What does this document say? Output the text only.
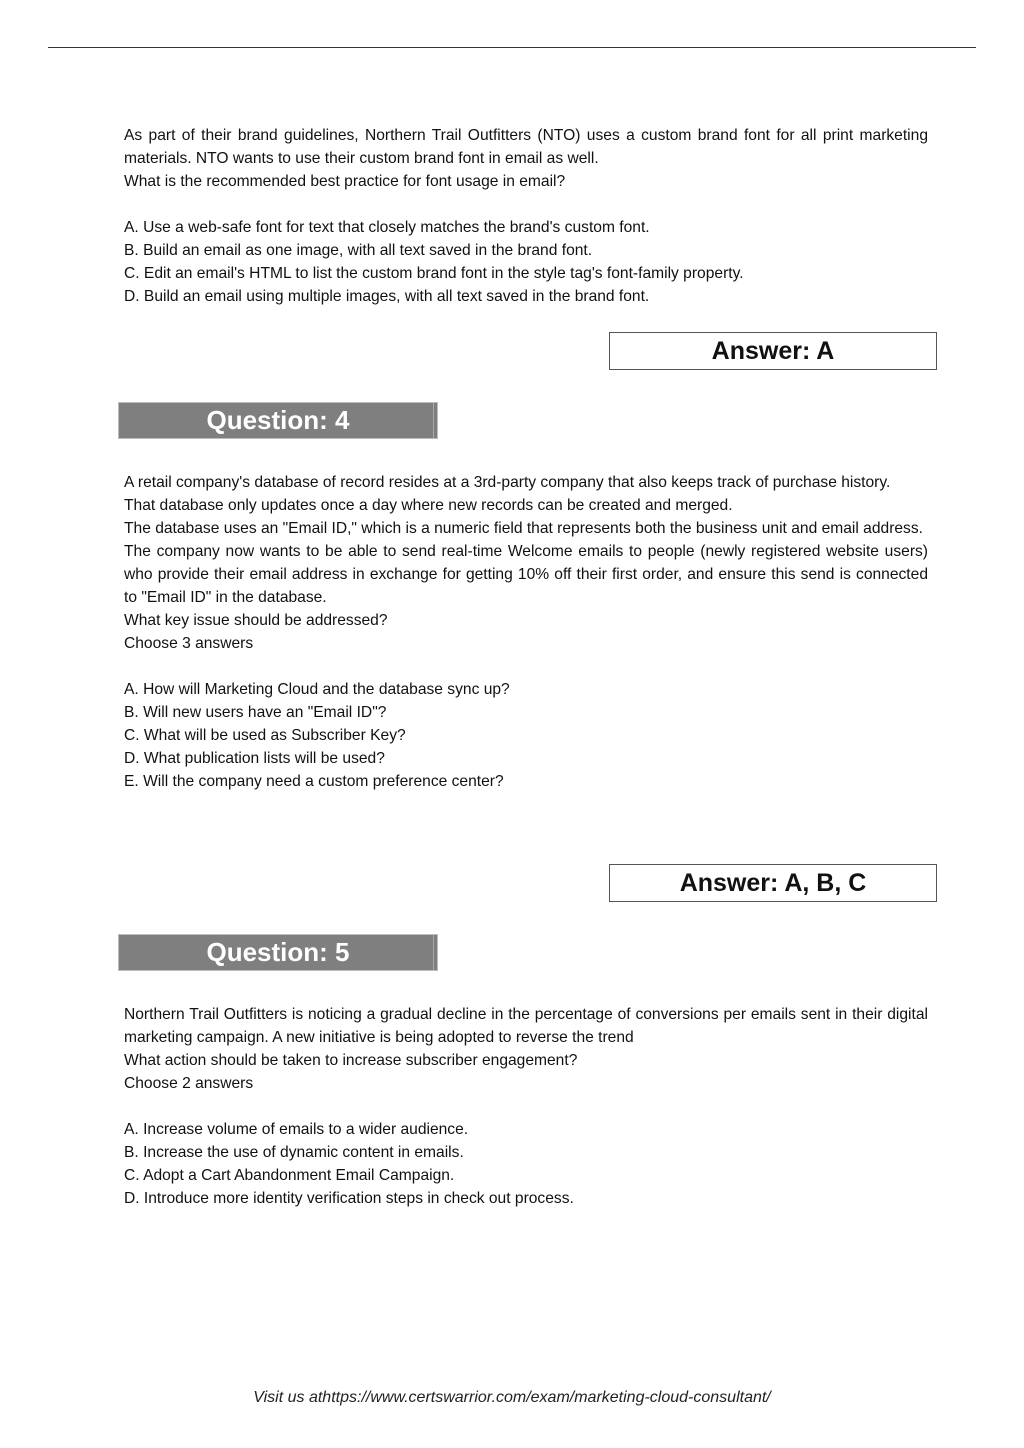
As part of their brand guidelines, Northern Trail Outfitters (NTO) uses a custom brand font for all print marketing materials. NTO wants to use their custom brand font in email as well.

What is the recommended best practice for font usage in email?

A. Use a web-safe font for text that closely matches the brand's custom font.

B. Build an email as one image, with all text saved in the brand font.

C. Edit an email's HTML to list the custom brand font in the style tag's font-family property.

D. Build an email using multiple images, with all text saved in the brand font.

Answer: A
Question: 4

A retail company's database of record resides at a 3rd-party company that also keeps track of purchase history.

That database only updates once a day where new records can be created and merged.

The database uses an "Email ID," which is a numeric field that represents both the business unit and email address.

The company now wants to be able to send real-time Welcome emails to people (newly registered website users) who provide their email address in exchange for getting 10% off their first order, and ensure this send is connected to "Email ID" in the database.

What key issue should be addressed?

Choose 3 answers

A. How will Marketing Cloud and the database sync up?

B. Will new users have an "Email ID"?

C. What will be used as Subscriber Key?

D. What publication lists will be used?

E. Will the company need a custom preference center?

Answer: A, B, C
Question: 5

Northern Trail Outfitters is noticing a gradual decline in the percentage of conversions per emails sent in their digital marketing campaign. A new initiative is being adopted to reverse the trend

What action should be taken to increase subscriber engagement?

Choose 2 answers

A. Increase volume of emails to a wider audience.

B. Increase the use of dynamic content in emails.

C. Adopt a Cart Abandonment Email Campaign.

D. Introduce more identity verification steps in check out process.

Visit us athttps://www.certswarrior.com/exam/marketing-cloud-consultant/
